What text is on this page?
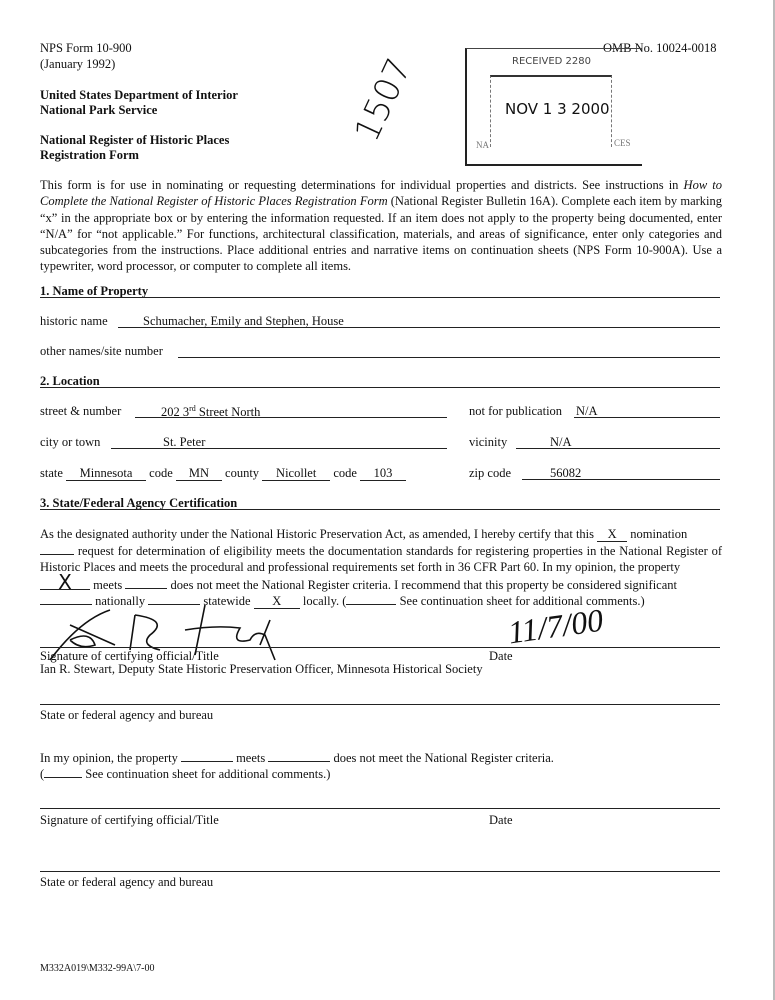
NPS Form 10-900
(January 1992)
United States Department of Interior
National Park Service
National Register of Historic Places
Registration Form
OMB No. 10024-0018
1507	RECEIVED 2280
NOV 1 3 2000
NA	CES
This form is for use in nominating or requesting determinations for individual properties and districts. See instructions in How to Complete the National Register of Historic Places Registration Form (National Register Bulletin 16A). Complete each item by marking “x” in the appropriate box or by entering the information requested. If an item does not apply to the property being documented, enter “N/A” for “not applicable.” For functions, architectural classification, materials, and areas of significance, enter only categories and subcategories from the instructions. Place additional entries and narrative items on continuation sheets (NPS Form 10-900A). Use a typewriter, word processor, or computer to complete all items.
1. Name of Property
historic name	Schumacher, Emily and Stephen, House
other names/site number
2. Location
street & number	202 3rd Street North	not for publication N/A
city or town	St. Peter	vicinity	N/A
state Minnesota code MN county Nicollet code 103	zip code	56082
3. State/Federal Agency Certification
As the designated authority under the National Historic Preservation Act, as amended, I hereby certify that this X nomination
request for determination of eligibility meets the documentation standards for registering properties in the National Register of Historic Places and meets the procedural and professional requirements set forth in 36 CFR Part 60. In my opinion, the property
X meets	does not meet the National Register criteria. I recommend that this property be considered significant
nationally	statewide X locally. (	See continuation sheet for additional comments.)
Signature of certifying official/Title	Date
11/7/00
Ian R. Stewart, Deputy State Historic Preservation Officer, Minnesota Historical Society
State or federal agency and bureau
In my opinion, the property	meets	does not meet the National Register criteria.
(	See continuation sheet for additional comments.)
Signature of certifying official/Title	Date
State or federal agency and bureau
M332A019\M332-99A\7-00
